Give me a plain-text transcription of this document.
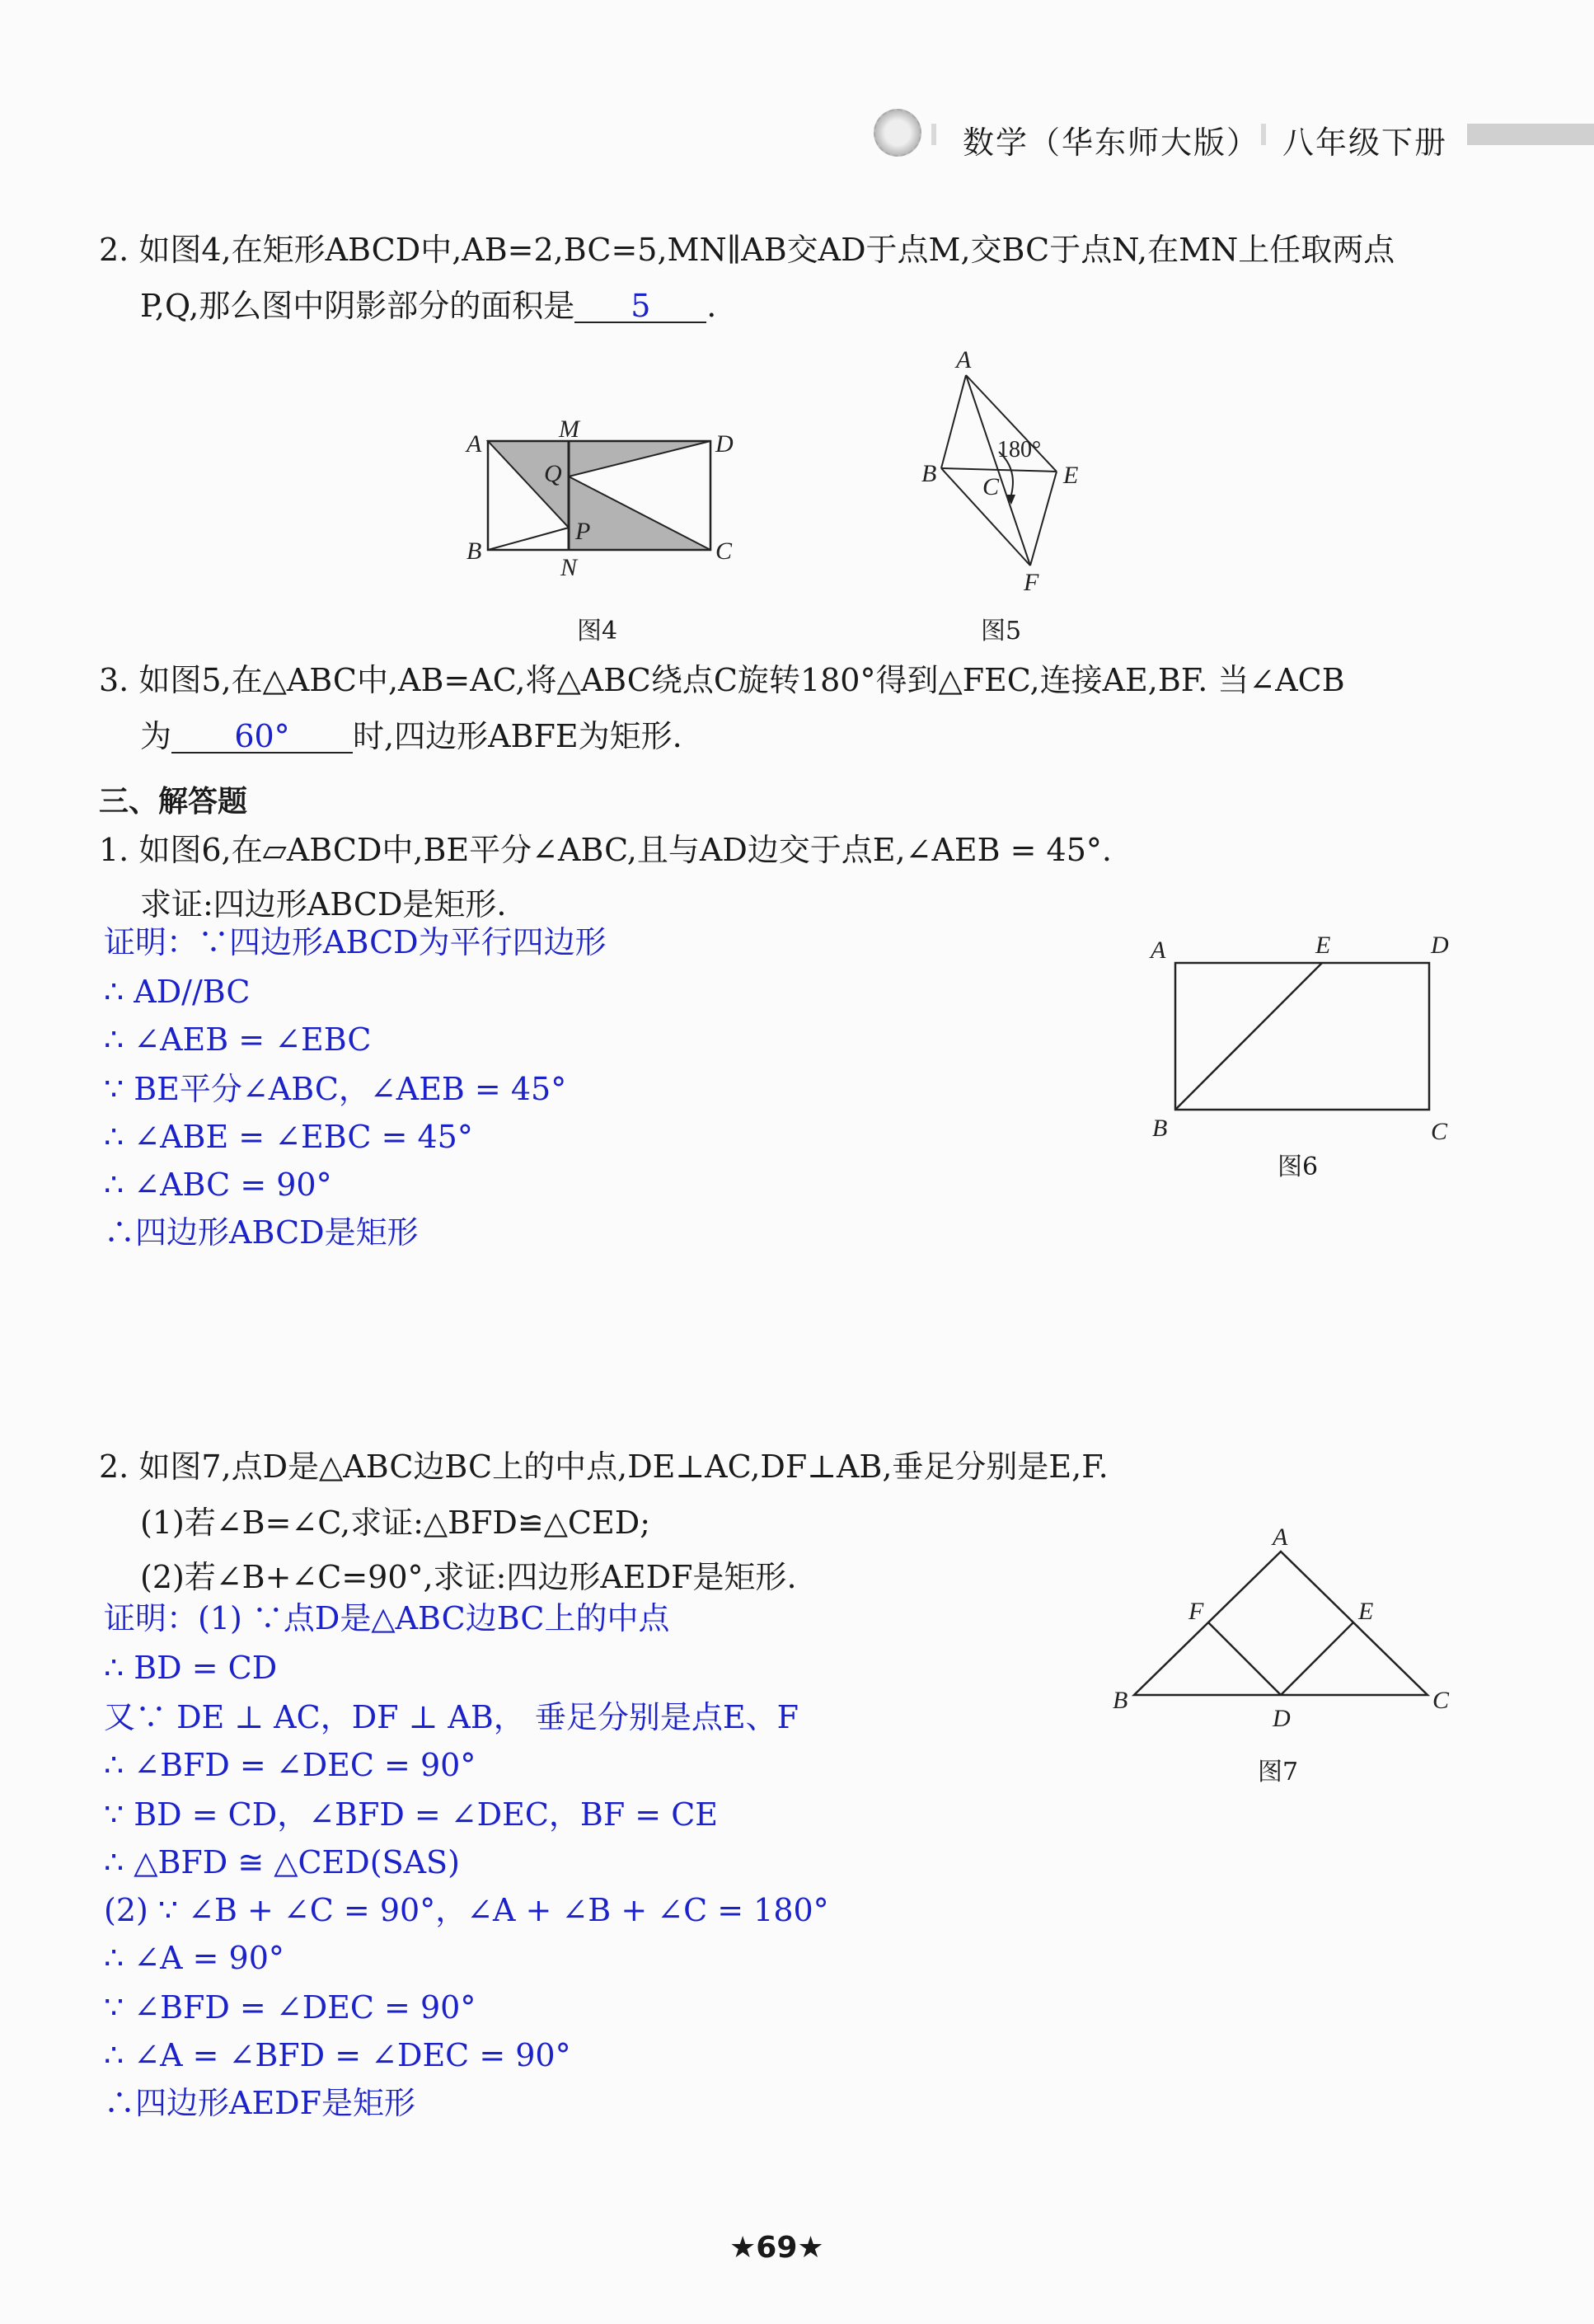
数学（华东师大版） 八年级下册
2. 如图4,在矩形ABCD中,AB=2,BC=5,MN∥AB交AD于点M,交BC于点N,在MN上任取两点
P,Q,那么图中阴影部分的面积是 5 .
A
M
D
Q
P
B
N
C
图4
A
B C	E
F
180°
图5
3. 如图5,在△ABC中,AB=AC,将△ABC绕点C旋转180°得到△FEC,连接AE,BF. 当∠ACB
为 60° 时,四边形ABFE为矩形.
三、解答题
1. 如图6,在▱ABCD中,BE平分∠ABC,且与AD边交于点E,∠AEB = 45°.
求证:四边形ABCD是矩形.
证明：∵四边形ABCD为平行四边形
∴ AD//BC
∴ ∠AEB = ∠EBC
∵ BE平分∠ABC，∠AEB = 45°
∴ ∠ABE = ∠EBC = 45°
∴ ∠ABC = 90°
∴四边形ABCD是矩形
A	E	D
B	C
图6
2. 如图7,点D是△ABC边BC上的中点,DE⊥AC,DF⊥AB,垂足分别是E,F.
(1)若∠B=∠C,求证:△BFD≌△CED;
(2)若∠B+∠C=90°,求证:四边形AEDF是矩形.
证明：(1) ∵点D是△ABC边BC上的中点
∴ BD = CD
又∵ DE ⊥ AC，DF ⊥ AB， 垂足分别是点E、F
∴ ∠BFD = ∠DEC = 90°
∵ BD = CD，∠BFD = ∠DEC，BF = CE
∴ △BFD ≅ △CED(SAS)
(2) ∵ ∠B + ∠C = 90°，∠A + ∠B + ∠C = 180°
∴ ∠A = 90°
∵ ∠BFD = ∠DEC = 90°
∴ ∠A = ∠BFD = ∠DEC = 90°
∴四边形AEDF是矩形
A
F	E
B
D
C
图7
★69★
